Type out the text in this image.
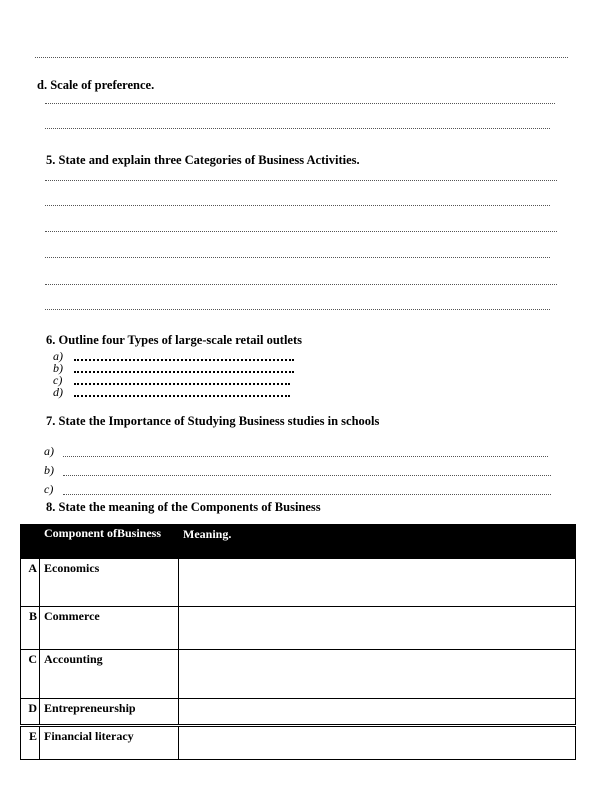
d. Scale of preference.
5. State and explain three Categories of Business Activities.
6. Outline four Types of large-scale retail outlets
a)
b)
c)
d)
7. State the Importance of Studying Business studies in schools
a)
b)
c)
8. State the meaning of the Components of Business
	Component ofBusiness	Meaning.
A	Economics	
B	Commerce	
C	Accounting	
D	Entrepreneurship	
E	Financial literacy	
